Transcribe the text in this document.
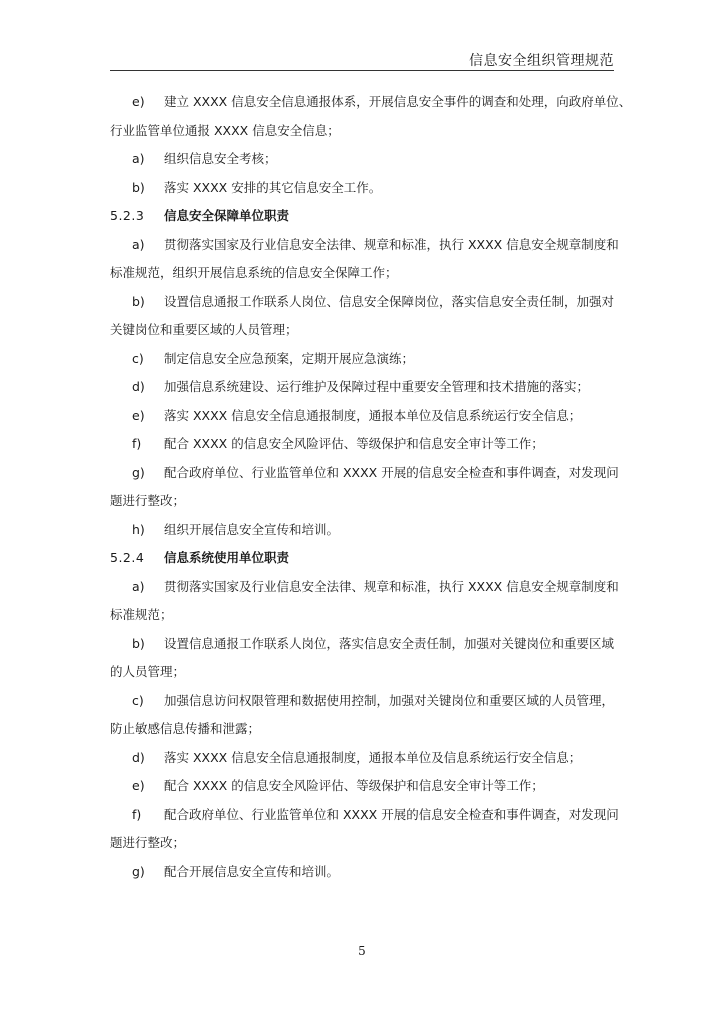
信息安全组织管理规范
e) 建立 XXXX 信息安全信息通报体系，开展信息安全事件的调查和处理，向政府单位、
行业监管单位通报 XXXX 信息安全信息；
a) 组织信息安全考核；
b) 落实 XXXX 安排的其它信息安全工作。
5.2.3 信息安全保障单位职责
a) 贯彻落实国家及行业信息安全法律、规章和标准，执行 XXXX 信息安全规章制度和
标准规范，组织开展信息系统的信息安全保障工作；
b) 设置信息通报工作联系人岗位、信息安全保障岗位，落实信息安全责任制，加强对
关键岗位和重要区域的人员管理；
c) 制定信息安全应急预案，定期开展应急演练；
d) 加强信息系统建设、运行维护及保障过程中重要安全管理和技术措施的落实；
e) 落实 XXXX 信息安全信息通报制度，通报本单位及信息系统运行安全信息；
f) 配合 XXXX 的信息安全风险评估、等级保护和信息安全审计等工作；
g) 配合政府单位、行业监管单位和 XXXX 开展的信息安全检查和事件调查，对发现问
题进行整改；
h) 组织开展信息安全宣传和培训。
5.2.4 信息系统使用单位职责
a) 贯彻落实国家及行业信息安全法律、规章和标准，执行 XXXX 信息安全规章制度和
标准规范；
b) 设置信息通报工作联系人岗位，落实信息安全责任制，加强对关键岗位和重要区域
的人员管理；
c) 加强信息访问权限管理和数据使用控制，加强对关键岗位和重要区域的人员管理，
防止敏感信息传播和泄露；
d) 落实 XXXX 信息安全信息通报制度，通报本单位及信息系统运行安全信息；
e) 配合 XXXX 的信息安全风险评估、等级保护和信息安全审计等工作；
f) 配合政府单位、行业监管单位和 XXXX 开展的信息安全检查和事件调查，对发现问
题进行整改；
g) 配合开展信息安全宣传和培训。
5
